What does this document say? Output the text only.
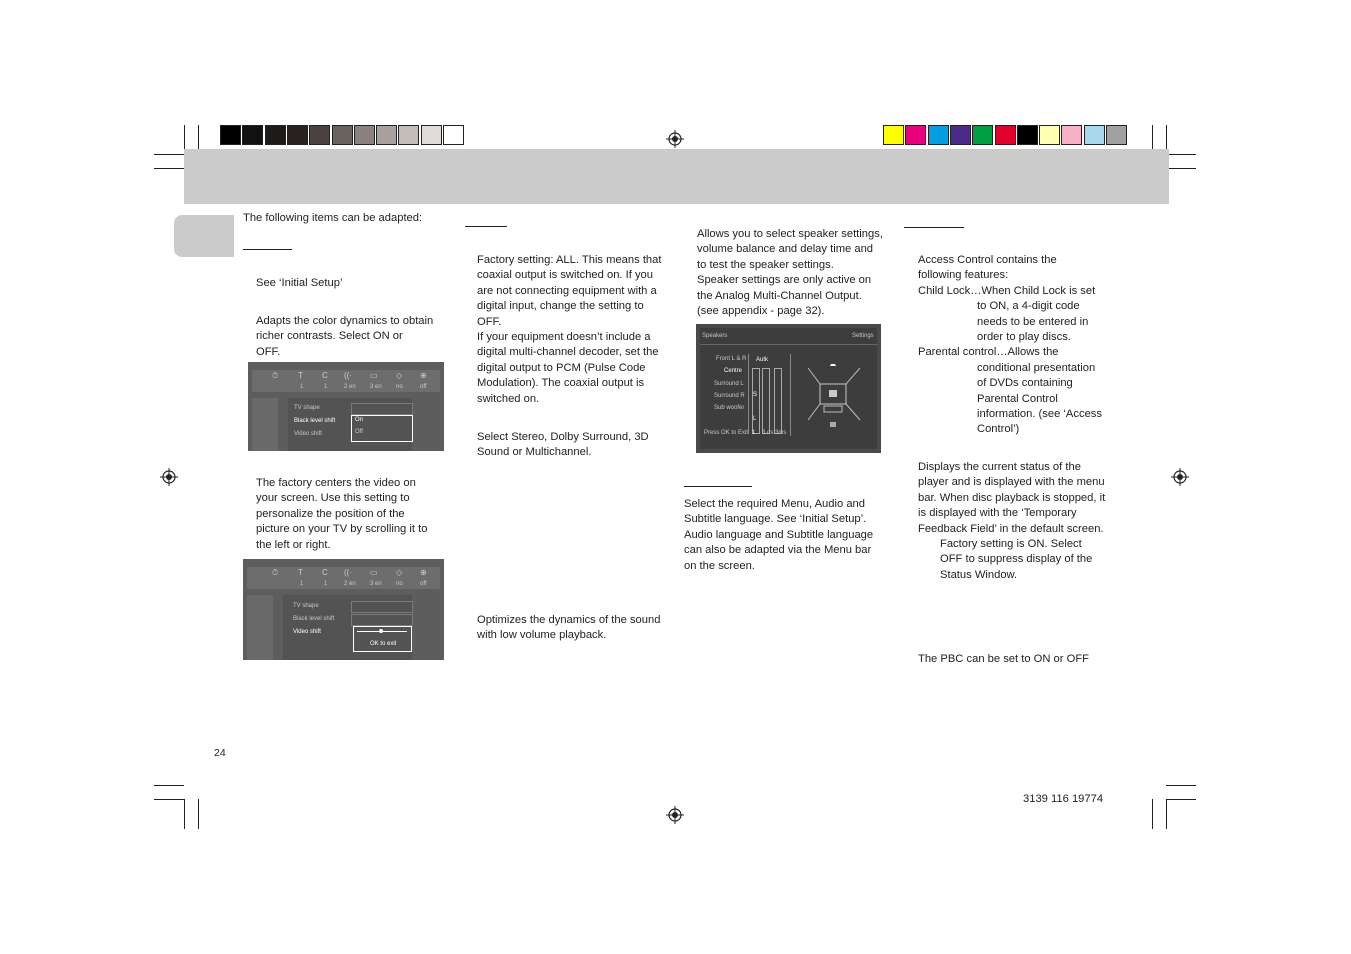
The following items can be adapted:
See ‘Initial Setup’
Adapts the color dynamics to obtain
richer contrasts. Select ON or
OFF.
⏱ T C ((· ▭ ◇ ⊕
1	1	2 en 3 en no	off
TV shape
Black level shift
Video shift
On
Off
The factory centers the video on
your screen. Use this setting to
personalize the position of the
picture on your TV by scrolling it to
the left or right.
⏱ T C ((· ▭ ◇ ⊕
1	1	2 en 3 en no	off
TV shape
Black level shift
Video shift
OK to exit
24
Factory setting: ALL. This means that
coaxial output is switched on. If you
are not connecting equipment with a
digital input, change the setting to
OFF.
If your equipment doesn’t include a
digital multi-channel decoder, set the
digital output to PCM (Pulse Code
Modulation). The coaxial output is
switched on.
Select Stereo, Dolby Surround, 3D
Sound or Multichannel.
Optimizes the dynamics of the sound
with low volume playback.
Allows you to select speaker settings,
volume balance and delay time and
to test the speaker settings.
Speaker settings are only active on
the Analog Multi-Channel Output.
(see appendix - page 32).
Speakers	Settings
Front L & R
Centre
Surround L
Surround R
Sub woofer
Press OK to Exit
Autk
S
L
1 3 ds 3ms
Select the required Menu, Audio and
Subtitle language. See ‘Initial Setup’.
Audio language and Subtitle language
can also be adapted via the Menu bar
on the screen.
Access Control contains the
following features:
Child Lock…When Child Lock is set
to ON, a 4-digit code
needs to be entered in
order to play discs.
Parental control…Allows the
conditional presentation
of DVDs containing
Parental Control
information. (see ‘Access
Control’)
Displays the current status of the
player and is displayed with the menu
bar. When disc playback is stopped, it
is displayed with the ‘Temporary
Feedback Field’ in the default screen.
Factory setting is ON. Select
OFF to suppress display of the
Status Window.
The PBC can be set to ON or OFF
3139 116 19774
